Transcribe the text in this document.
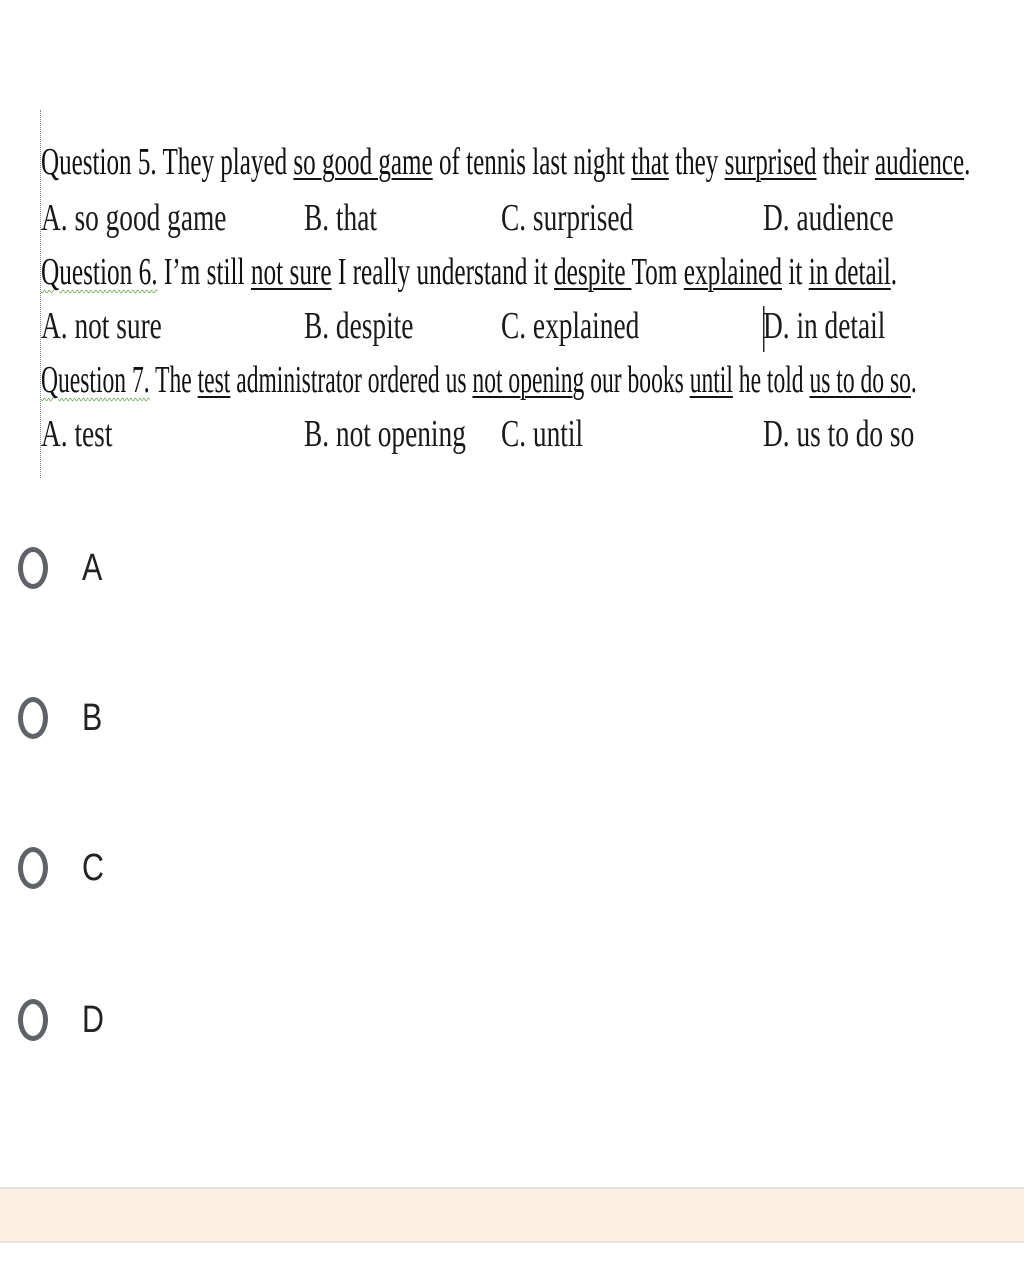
Question 5. They played so good game of tennis last night that they surprised their audience.
A. so good game B. that	C. surprised	D. audience
Question 6. I’m still not sure I really understand it despite Tom explained it in detail.
A. not sure	B. despite C. explained	D. in detail
Question 7. The test administrator ordered us not opening our books until he told us to do so.
A. test	B. not opening C. until	D. us to do so
A
B
C
D
